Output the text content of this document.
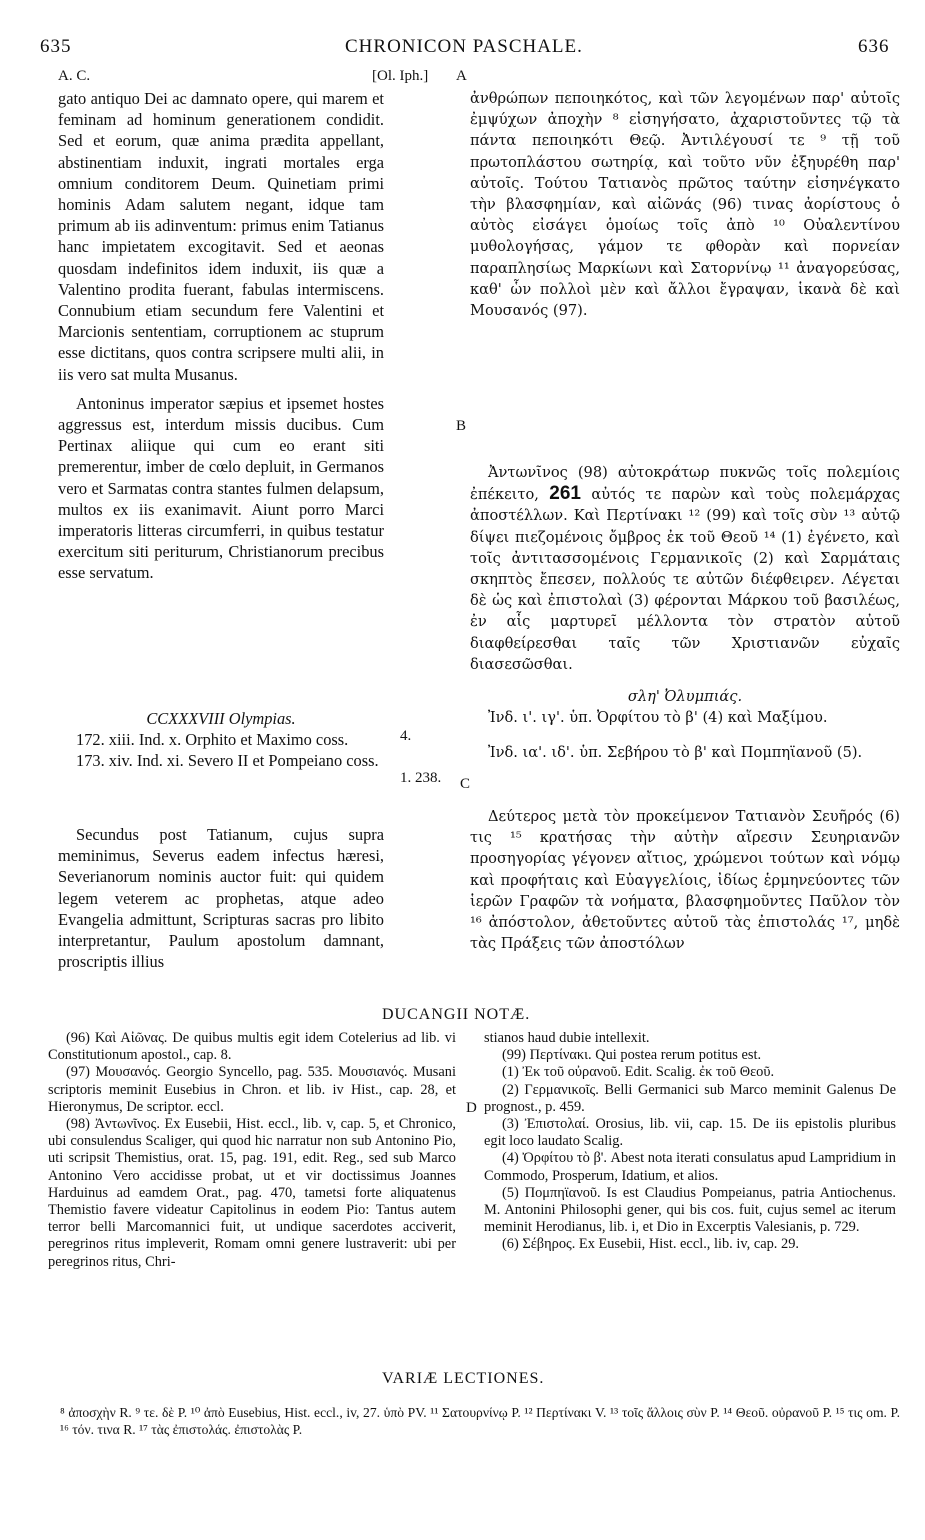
635	CHRONICON PASCHALE.	636
A. C.	[Ol. Iph.] A

gato antiquo Dei ac damnato opere, qui marem et feminam ad hominum generationem condidit. Sed et eorum, quæ anima prædita appellant, abstinentiam induxit, ingrati mortales erga omnium conditorem Deum. Quinetiam primi hominis Adam salutem negant, idque tam primum ab iis adinventum: primus enim Tatianus hanc impietatem excogitavit. Sed et aeonas quosdam indefinitos idem induxit, iis quæ a Valentino prodita fuerant, fabulas intermiscens. Connubium etiam secundum fere Valentini et Marcionis sententiam, corruptionem ac stuprum esse dictitans, quos contra scripsere multi alii, in iis vero sat multa Musanus.

Antoninus imperator sæpius et ipsemet hostes aggressus est, interdum missis ducibus. Cum Pertinax aliique qui cum eo erant siti premerentur, imber de cœlo depluit, in Germanos vero et Sarmatas contra stantes fulmen delapsum, multos ex iis exanimavit. Aiunt porro Marci imperatoris litteras circumferri, in quibus testatur exercitum siti periturum, Christianorum precibus esse servatum.

CCXXXVIII Olympias.

172. xiii. Ind. x. Orphito et Maximo coss.

173. xiv. Ind. xi. Severo II et Pompeiano coss.

Secundus post Tatianum, cujus supra meminimus, Severus eadem infectus hæresi, Severianorum nominis auctor fuit: qui quidem legem veterem ac prophetas, atque adeo Evangelia admittunt, Scripturas sacras pro libito interpretantur, Paulum apostolum damnant, proscriptis illius

ἀνθρώπων πεποιηκότος, καὶ τῶν λεγομένων παρ' αὐτοῖς ἐμψύχων ἀποχὴν ⁸ εἰσηγήσατο, ἀχαριστοῦντες τῷ τὰ πάντα πεποιηκότι Θεῷ. Ἀντιλέγουσί τε ⁹ τῇ τοῦ πρωτοπλάστου σωτηρίᾳ, καὶ τοῦτο νῦν ἐξηυρέθη παρ' αὐτοῖς. Τούτου Τατιανὸς πρῶτος ταύτην εἰσηνέγκατο τὴν βλασφημίαν, καὶ αἰῶνάς (96) τινας ἀορίστους ὁ αὐτὸς εἰσάγει ὁμοίως τοῖς ἀπὸ ¹⁰ Οὐαλεντίνου μυθολογήσας, γάμον τε φθορὰν καὶ πορνείαν παραπλησίως Μαρκίωνι καὶ Σατορνίνῳ ¹¹ ἀναγορεύσας, καθ' ὧν πολλοὶ μὲν καὶ ἄλλοι ἔγραψαν, ἱκανὰ δὲ καὶ Μουσανός (97).

B

Ἀντωνῖνος (98) αὐτοκράτωρ πυκνῶς τοῖς πολεμίοις ἐπέκειτο, 261 αὐτός τε παρὼν καὶ τοὺς πολεμάρχας ἀποστέλλων. Καὶ Περτίνακι ¹² (99) καὶ τοῖς σὺν ¹³ αὐτῷ δίψει πιεζομένοις ὄμβρος ἐκ τοῦ Θεοῦ ¹⁴ (1) ἐγένετο, καὶ τοῖς ἀντιτασσομένοις Γερμανικοῖς (2) καὶ Σαρμάταις σκηπτὸς ἔπεσεν, πολλούς τε αὐτῶν διέφθειρεν. Λέγεται δὲ ὡς καὶ ἐπιστολαὶ (3) φέρονται Μάρκου τοῦ βασιλέως, ἐν αἷς μαρτυρεῖ μέλλοντα τὸν στρατὸν αὐτοῦ διαφθείρεσθαι ταῖς τῶν Χριστιανῶν εὐχαῖς διασεσῶσθαι.

σλη' Ὀλυμπιάς.

Ἰνδ. ι'. ιγ'. ὑπ. Ὀρφίτου τὸ β' (4) καὶ Μαξίμου.

Ἰνδ. ια'. ιδ'. ὑπ. Σεβήρου τὸ β' καὶ Πομπηϊανοῦ (5).

4.
1. 238. C

Δεύτερος μετὰ τὸν προκείμενον Τατιανὸν Σευῆρός (6) τις ¹⁵ κρατήσας τὴν αὐτὴν αἵρεσιν Σευηριανῶν προσηγορίας γέγονεν αἴτιος, χρώμενοι τούτων καὶ νόμῳ καὶ προφήταις καὶ Εὐαγγελίοις, ἰδίως ἑρμηνεύοντες τῶν ἱερῶν Γραφῶν τὰ νοήματα, βλασφημοῦντες Παῦλον τὸν ¹⁶ ἀπόστολον, ἀθετοῦντες αὐτοῦ τὰς ἐπιστολάς ¹⁷, μηδὲ τὰς Πράξεις τῶν ἀποστόλων

DUCANGII NOTÆ.

(96) Καὶ Αἰῶνας. De quibus multis egit idem Cotelerius ad lib. vi Constitutionum apostol., cap. 8.

(97) Μουσανός. Georgio Syncello, pag. 535. Μουσιανός. Musani scriptoris meminit Eusebius in Chron. et lib. iv Hist., cap. 28, et Hieronymus, De scriptor. eccl.

(98) Ἀντωνῖνος. Ex Eusebii, Hist. eccl., lib. v, cap. 5, et Chronico, ubi consulendus Scaliger, qui quod hic narratur non sub Antonino Pio, uti scripsit Themistius, orat. 15, pag. 191, edit. Reg., sed sub Marco Antonino Vero accidisse probat, ut et vir doctissimus Joannes Harduinus ad eamdem Orat., pag. 470, tametsi forte aliquatenus Themistio favere videatur Capitolinus in eodem Pio: Tantus autem terror belli Marcomannici fuit, ut undique sacerdotes acciverit, peregrinos ritus impleverit, Romam omni genere lustraverit: ubi per peregrinos ritus, Chri-

D

stianos haud dubie intellexit.

(99) Περτίνακι. Qui postea rerum potitus est.

(1) Ἐκ τοῦ οὐρανοῦ. Edit. Scalig. ἐκ τοῦ Θεοῦ.

(2) Γερμανικοῖς. Belli Germanici sub Marco meminit Galenus De prognost., p. 459.

(3) Ἐπιστολαί. Orosius, lib. vii, cap. 15. De iis epistolis pluribus egit loco laudato Scalig.

(4) Ὀρφίτου τὸ β'. Abest nota iterati consulatus apud Lampridium in Commodo, Prosperum, Idatium, et alios.

(5) Πομπηϊανοῦ. Is est Claudius Pompeianus, patria Antiochenus. M. Antonini Philosophi gener, qui bis cos. fuit, cujus semel ac iterum meminit Herodianus, lib. i, et Dio in Excerptis Valesianis, p. 729.

(6) Σέβηρος. Ex Eusebii, Hist. eccl., lib. iv, cap. 29.

VARIÆ LECTIONES.
⁸ ἀποσχὴν R. ⁹ τε. δὲ P. ¹⁰ ἀπὸ Eusebius, Hist. eccl., iv, 27. ὑπὸ PV. ¹¹ Σατουρνίνῳ P. ¹² Περτίνακι V. ¹³ τοῖς ἄλλοις σὺν P. ¹⁴ Θεοῦ. οὐρανοῦ P. ¹⁵ τις om. P. ¹⁶ τόν. τινα R. ¹⁷ τὰς ἐπιστολάς. ἐπιστολὰς P.
